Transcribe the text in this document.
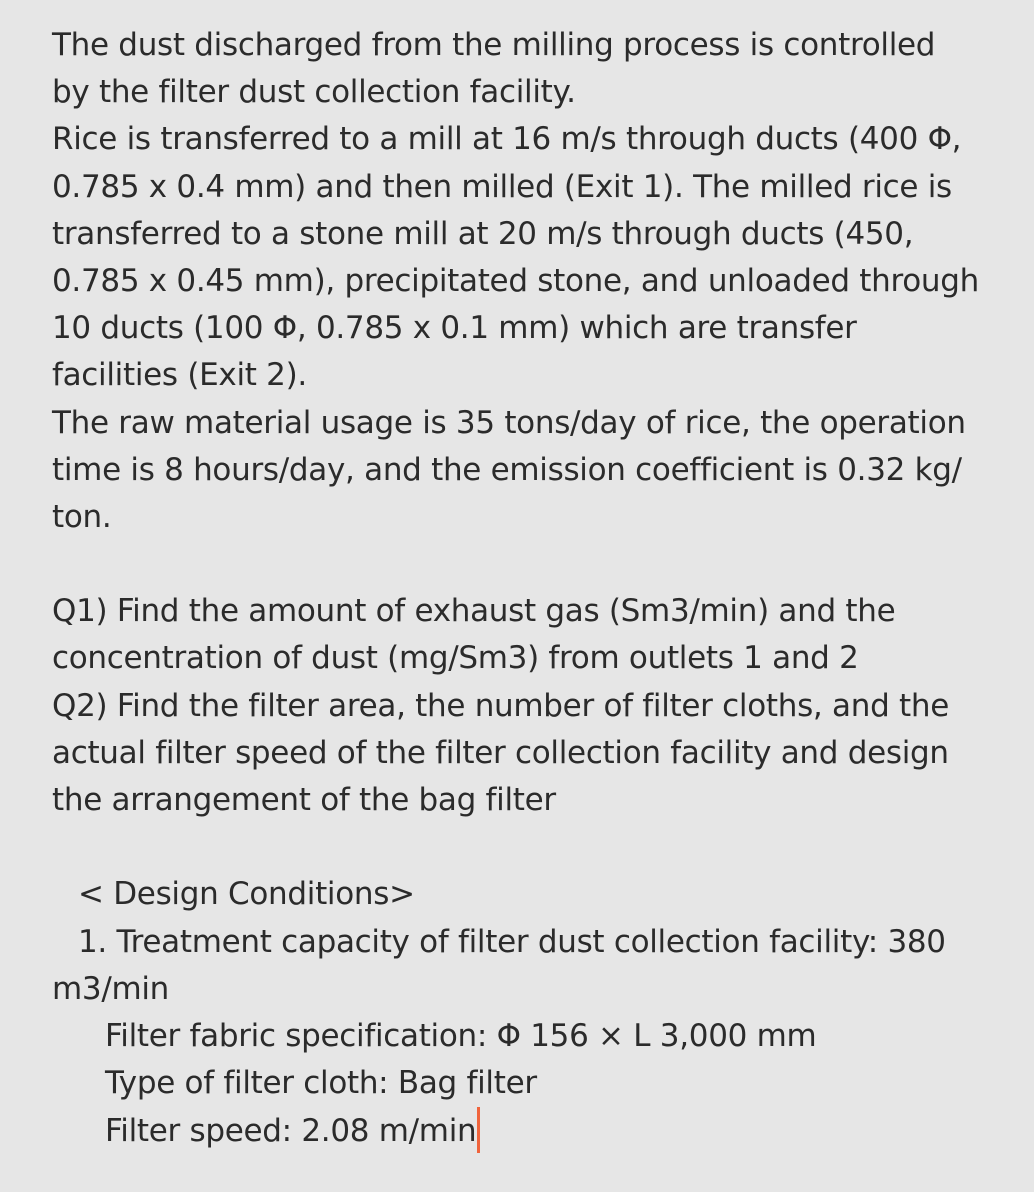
The dust discharged from the milling process is controlled
by the filter dust collection facility.
Rice is transferred to a mill at 16 m/s through ducts (400 Φ,
0.785 x 0.4 mm) and then milled (Exit 1). The milled rice is
transferred to a stone mill at 20 m/s through ducts (450,
0.785 x 0.45 mm), precipitated stone, and unloaded through
10 ducts (100 Φ, 0.785 x 0.1 mm) which are transfer
facilities (Exit 2).
The raw material usage is 35 tons/day of rice, the operation
time is 8 hours/day, and the emission coefficient is 0.32 kg/
ton.
Q1) Find the amount of exhaust gas (Sm3/min) and the
concentration of dust (mg/Sm3) from outlets 1 and 2
Q2) Find the filter area, the number of filter cloths, and the
actual filter speed of the filter collection facility and design
the arrangement of the bag filter
< Design Conditions>
1. Treatment capacity of filter dust collection facility: 380
m3/min
Filter fabric specification: Φ 156 × L 3,000 mm
Type of filter cloth: Bag filter
Filter speed: 2.08 m/min
